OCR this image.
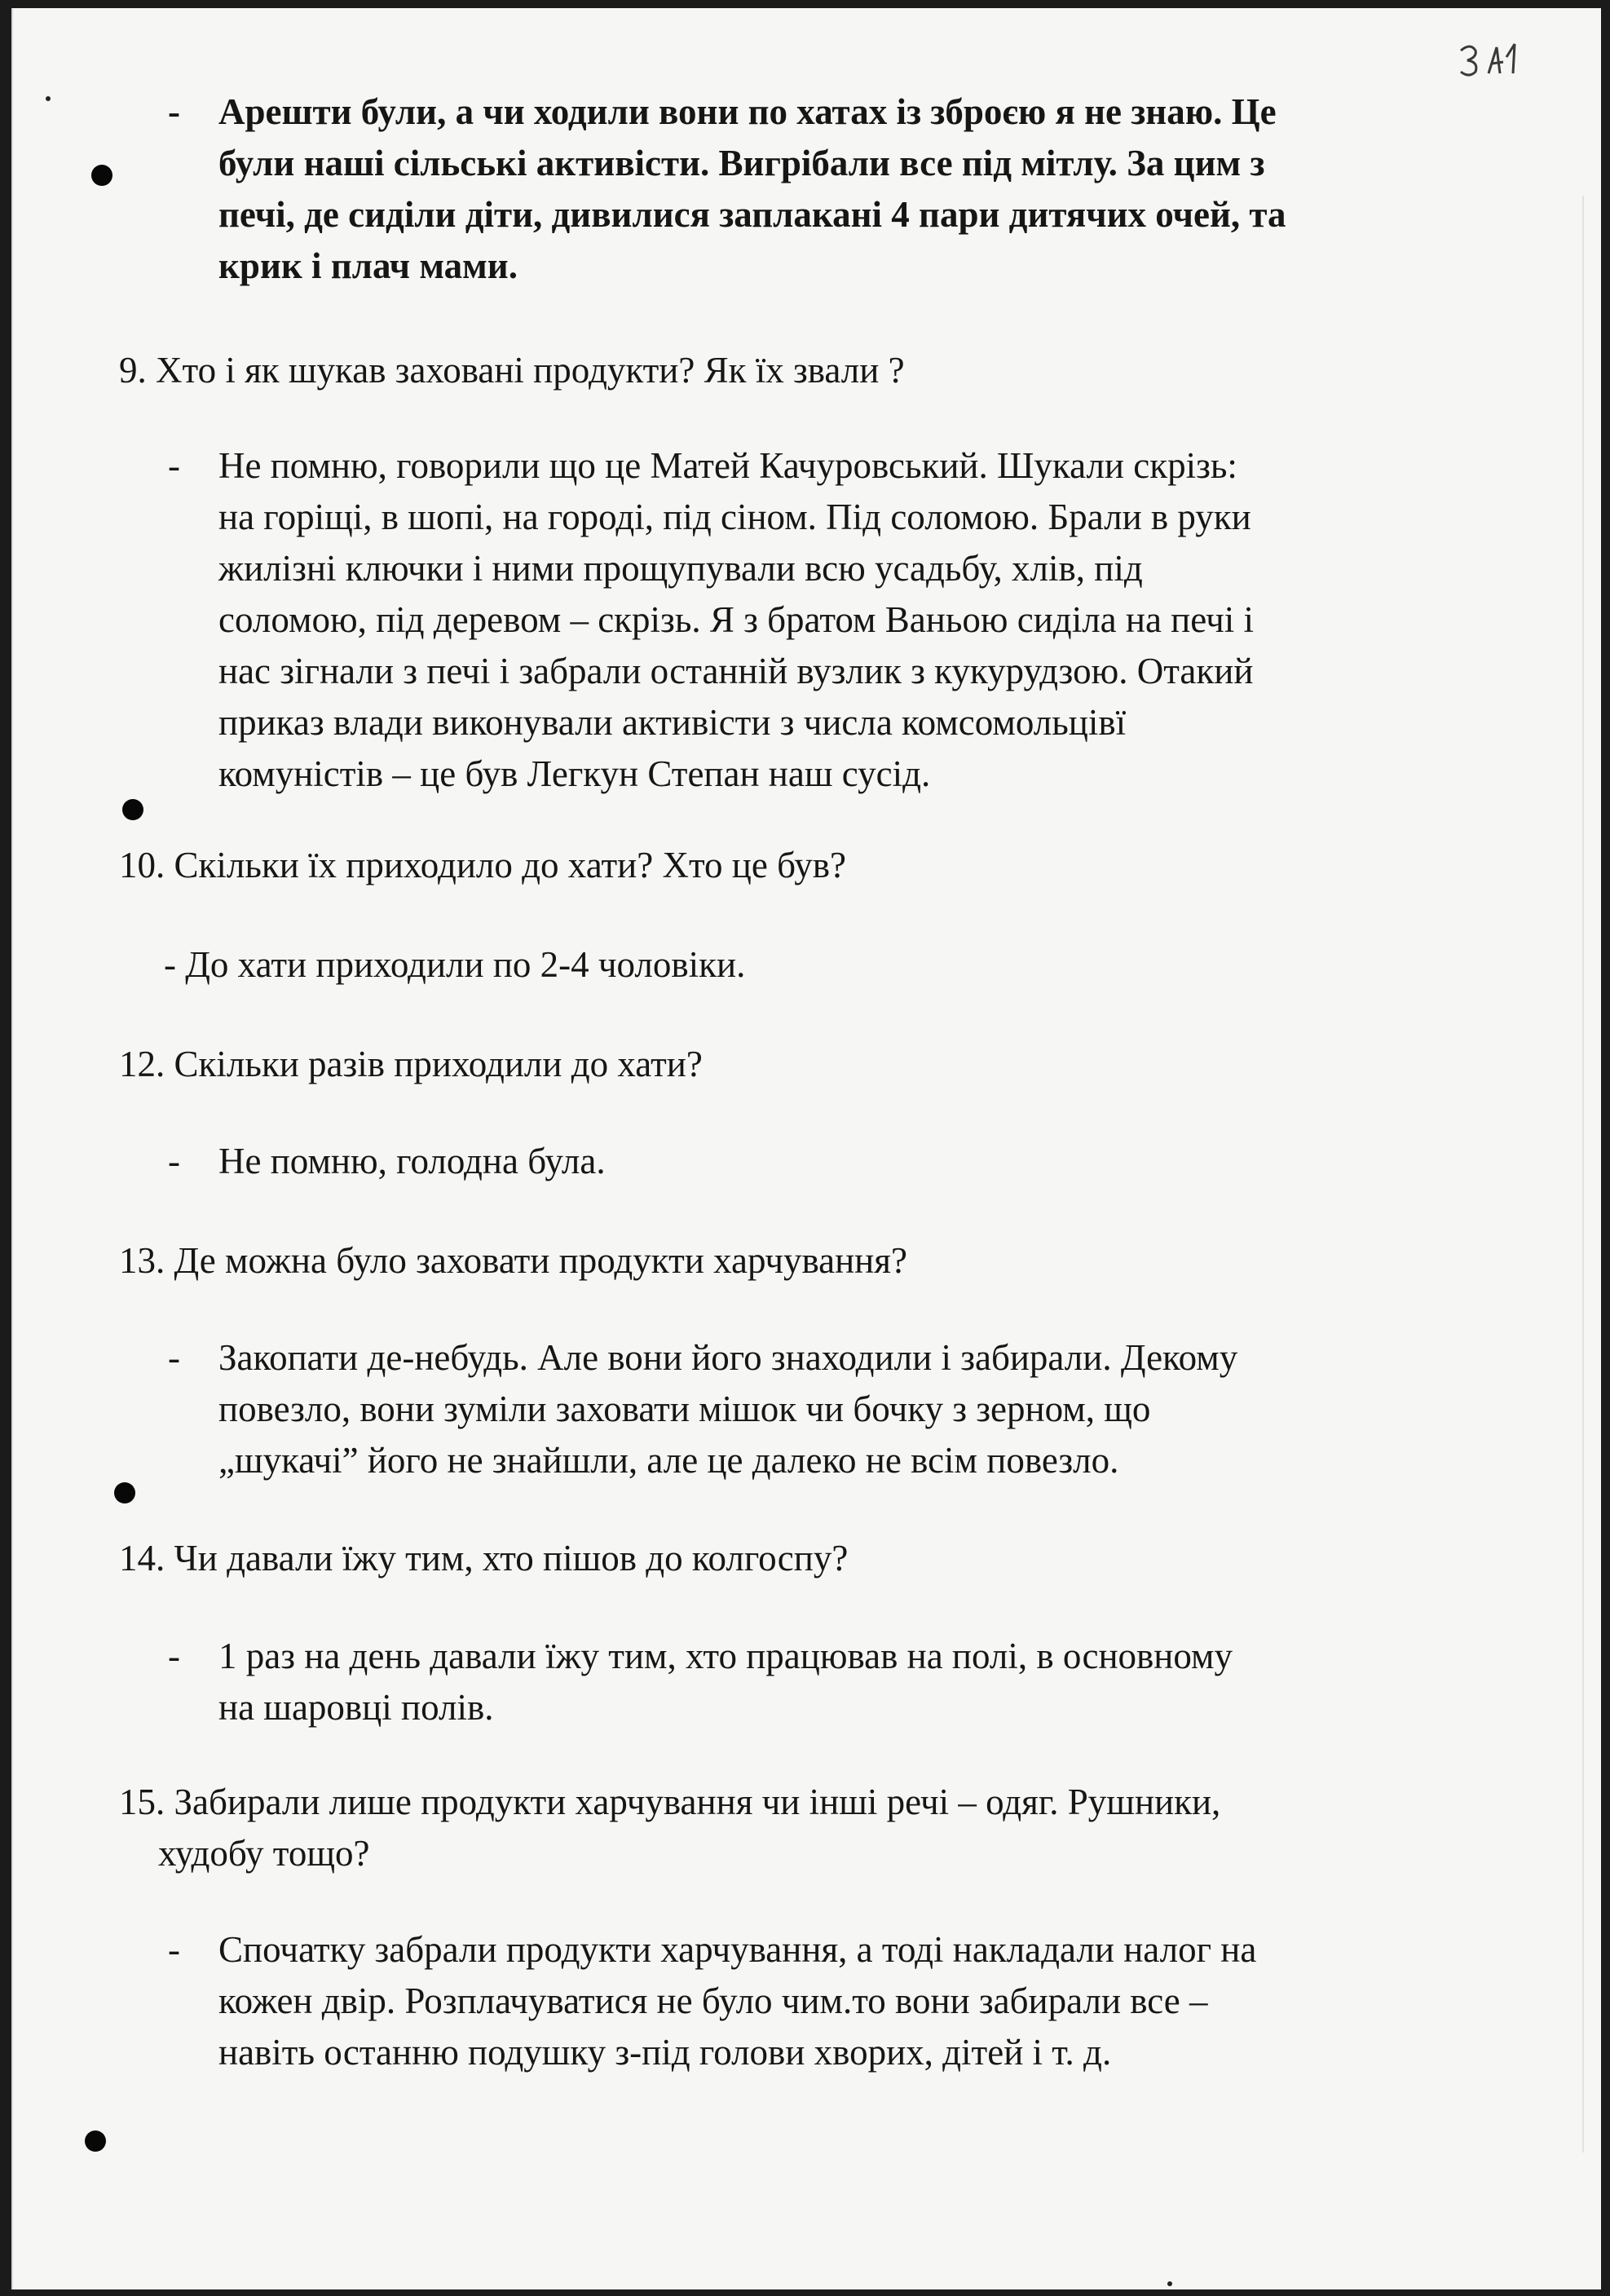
- Арешти були, а чи ходили вони по хатах із зброєю я не знаю. Це
були наші сільські активісти. Вигрібали все під мітлу. За цим з
печі, де сиділи діти, дивилися заплакані 4 пари дитячих очей, та
крик і плач мами.
9. Хто і як шукав заховані продукти? Як їх звали ?
- Не помню, говорили що це Матей Качуровський. Шукали скрізь:
на горіщі, в шопі, на городі, під сіном. Під соломою. Брали в руки
жилізні ключки і ними прощупували всю усадьбу, хлів, під
соломою, під деревом – скрізь. Я з братом Ваньою сиділа на печі і
нас зігнали з печі і забрали останній вузлик з кукурудзою. Отакий
приказ влади виконували активісти з числа комсомольцівї
комуністів – це був Легкун Степан наш сусід.
10. Скільки їх приходило до хати? Хто це був?
- До хати приходили по 2-4 чоловіки.
12. Скільки разів приходили до хати?
- Не помню, голодна була.
13. Де можна було заховати продукти харчування?
- Закопати де-небудь. Але вони його знаходили і забирали. Декому
повезло, вони зуміли заховати мішок чи бочку з зерном, що
„шукачі” його не знайшли, але це далеко не всім повезло.
14. Чи давали їжу тим, хто пішов до колгоспу?
- 1 раз на день давали їжу тим, хто працював на полі, в основному
на шаровці полів.
15. Забирали лише продукти харчування чи інші речі – одяг. Рушники,
худобу тощо?
- Спочатку забрали продукти харчування, а тоді накладали налог на
кожен двір. Розплачуватися не було чим.то вони забирали все –
навіть останню подушку з-під голови хворих, дітей і т. д.
